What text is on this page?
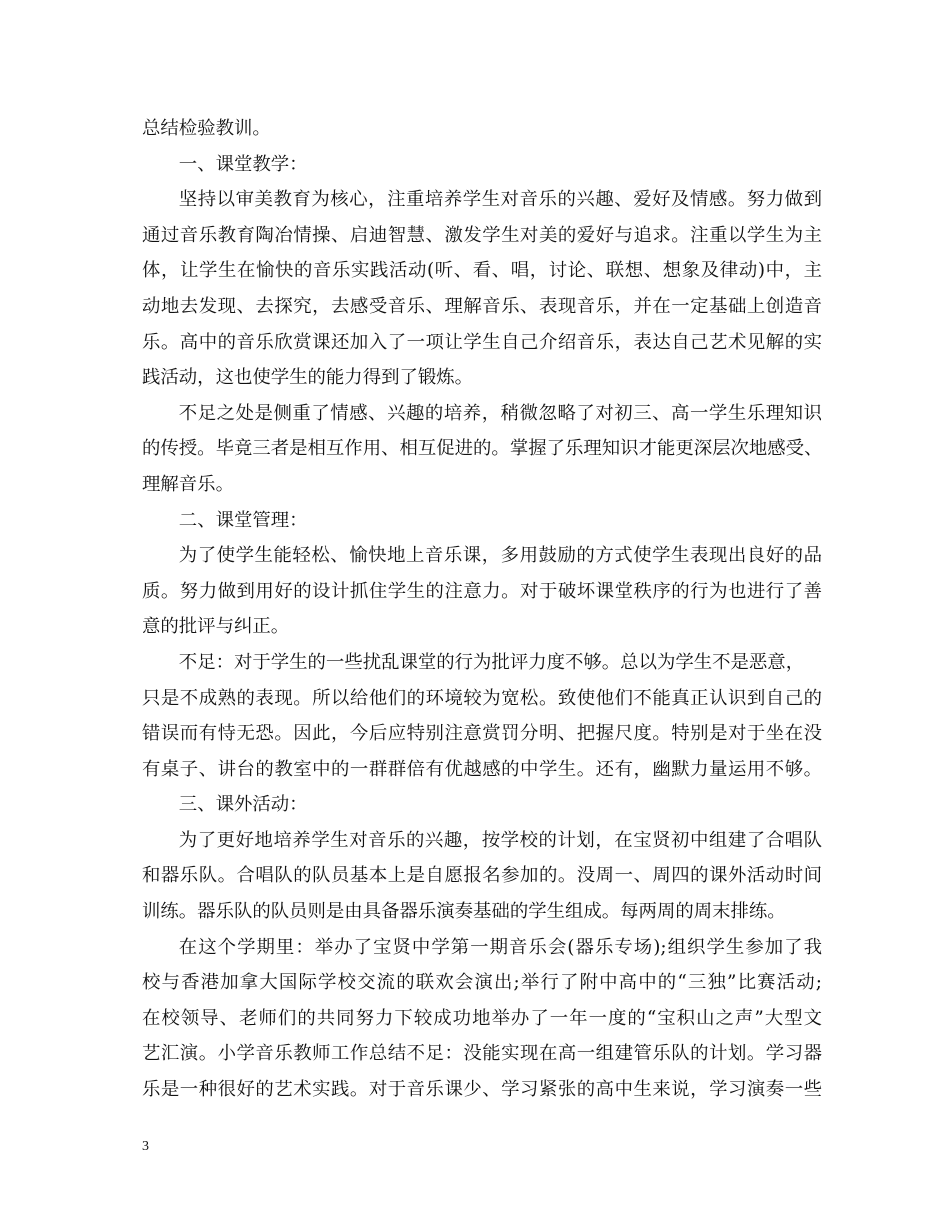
总结检验教训。

一、课堂教学：

坚持以审美教育为核心，注重培养学生对音乐的兴趣、爱好及情感。努力做到

通过音乐教育陶冶情操、启迪智慧、激发学生对美的爱好与追求。注重以学生为主

体，让学生在愉快的音乐实践活动(听、看、唱，讨论、联想、想象及律动)中，主

动地去发现、去探究，去感受音乐、理解音乐、表现音乐，并在一定基础上创造音

乐。高中的音乐欣赏课还加入了一项让学生自己介绍音乐，表达自己艺术见解的实

践活动，这也使学生的能力得到了锻炼。

不足之处是侧重了情感、兴趣的培养，稍微忽略了对初三、高一学生乐理知识

的传授。毕竟三者是相互作用、相互促进的。掌握了乐理知识才能更深层次地感受、

理解音乐。

二、课堂管理：

为了使学生能轻松、愉快地上音乐课，多用鼓励的方式使学生表现出良好的品

质。努力做到用好的设计抓住学生的注意力。对于破坏课堂秩序的行为也进行了善

意的批评与纠正。

不足：对于学生的一些扰乱课堂的行为批评力度不够。总以为学生不是恶意，

只是不成熟的表现。所以给他们的环境较为宽松。致使他们不能真正认识到自己的

错误而有恃无恐。因此，今后应特别注意赏罚分明、把握尺度。特别是对于坐在没

有桌子、讲台的教室中的一群群倍有优越感的中学生。还有，幽默力量运用不够。

三、课外活动：

为了更好地培养学生对音乐的兴趣，按学校的计划，在宝贤初中组建了合唱队

和器乐队。合唱队的队员基本上是自愿报名参加的。没周一、周四的课外活动时间

训练。器乐队的队员则是由具备器乐演奏基础的学生组成。每两周的周末排练。

在这个学期里：举办了宝贤中学第一期音乐会(器乐专场);组织学生参加了我

校与香港加拿大国际学校交流的联欢会演出;举行了附中高中的“三独”比赛活动;

在校领导、老师们的共同努力下较成功地举办了一年一度的“宝积山之声”大型文

艺汇演。小学音乐教师工作总结不足：没能实现在高一组建管乐队的计划。学习器

乐是一种很好的艺术实践。对于音乐课少、学习紧张的高中生来说，学习演奏一些

3
